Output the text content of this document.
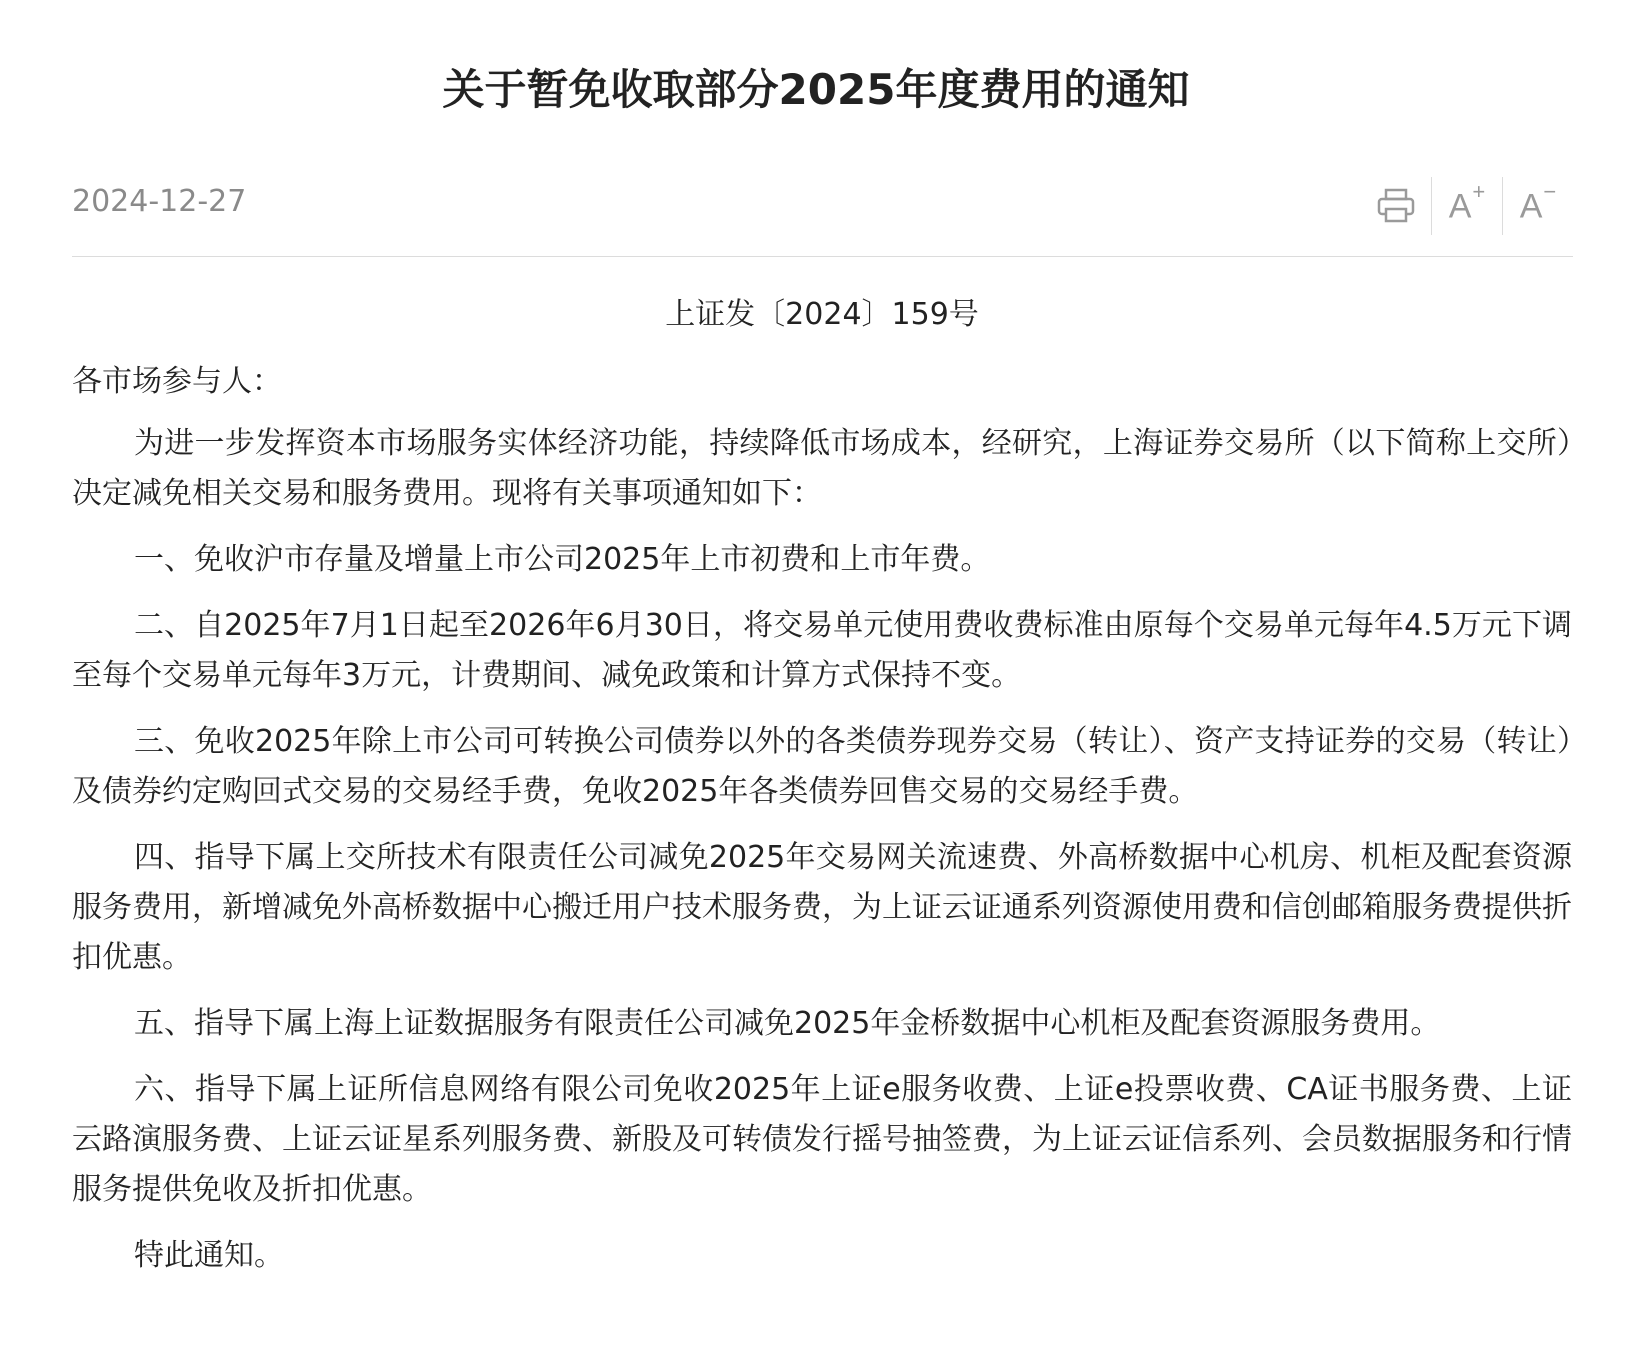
关于暂免收取部分2025年度费用的通知
2024-12-27	A+ A−

上证发〔2024〕159号

各市场参与人：

为进一步发挥资本市场服务实体经济功能，持续降低市场成本，经研究，上海证券交易所（以下简称上交所）决定减免相关交易和服务费用。现将有关事项通知如下：

一、免收沪市存量及增量上市公司2025年上市初费和上市年费。

二、自2025年7月1日起至2026年6月30日，将交易单元使用费收费标准由原每个交易单元每年4.5万元下调至每个交易单元每年3万元，计费期间、减免政策和计算方式保持不变。

三、免收2025年除上市公司可转换公司债券以外的各类债券现券交易（转让）、资产支持证券的交易（转让）及债券约定购回式交易的交易经手费，免收2025年各类债券回售交易的交易经手费。

四、指导下属上交所技术有限责任公司减免2025年交易网关流速费、外高桥数据中心机房、机柜及配套资源服务费用，新增减免外高桥数据中心搬迁用户技术服务费，为上证云证通系列资源使用费和信创邮箱服务费提供折扣优惠。

五、指导下属上海上证数据服务有限责任公司减免2025年金桥数据中心机柜及配套资源服务费用。

六、指导下属上证所信息网络有限公司免收2025年上证e服务收费、上证e投票收费、CA证书服务费、上证云路演服务费、上证云证星系列服务费、新股及可转债发行摇号抽签费，为上证云证信系列、会员数据服务和行情服务提供免收及折扣优惠。

特此通知。
